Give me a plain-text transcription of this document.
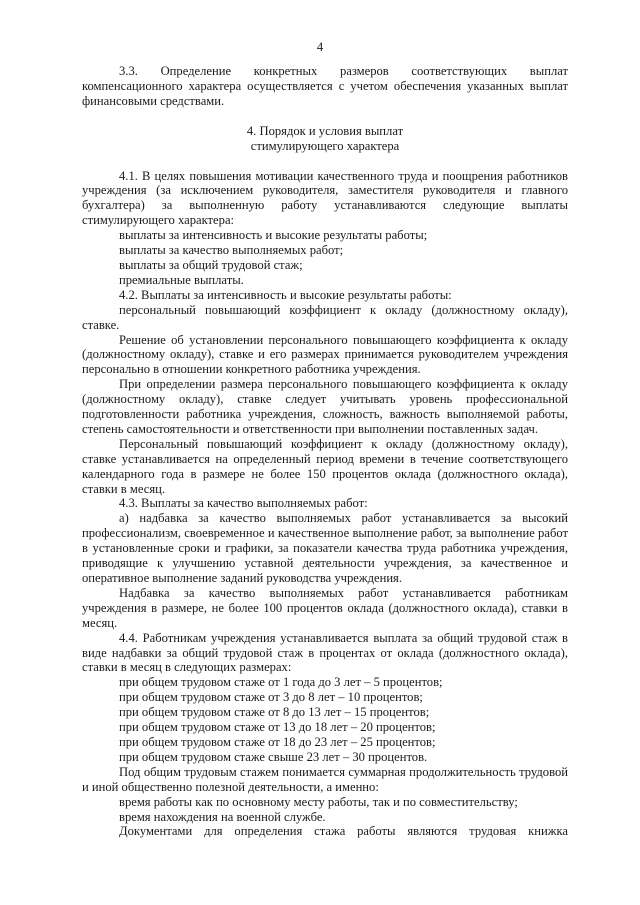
4

3.3. Определение конкретных размеров соответствующих выплат компенсационного характера осуществляется с учетом обеспечения указанных выплат финансовыми средствами.

4. Порядок и условия выплат

стимулирующего характера

4.1. В целях повышения мотивации качественного труда и поощрения работников учреждения (за исключением руководителя, заместителя руководителя и главного бухгалтера) за выполненную работу устанавливаются следующие выплаты стимулирующего характера:

выплаты за интенсивность и высокие результаты работы;

выплаты за качество выполняемых работ;

выплаты за общий трудовой стаж;

премиальные выплаты.

4.2. Выплаты за интенсивность и высокие результаты работы:

персональный повышающий коэффициент к окладу (должностному окладу), ставке.

Решение об установлении персонального повышающего коэффициента к окладу (должностному окладу), ставке и его размерах принимается руководителем учреждения персонально в отношении конкретного работника учреждения.

При определении размера персонального повышающего коэффициента к окладу (должностному окладу), ставке следует учитывать уровень профессиональной подготовленности работника учреждения, сложность, важность выполняемой работы, степень самостоятельности и ответственности при выполнении поставленных задач.

Персональный повышающий коэффициент к окладу (должностному окладу), ставке устанавливается на определенный период времени в течение соответствующего календарного года в размере не более 150 процентов оклада (должностного оклада), ставки в месяц.

4.3. Выплаты за качество выполняемых работ:

а) надбавка за качество выполняемых работ устанавливается за высокий профессионализм, своевременное и качественное выполнение работ, за выполнение работ в установленные сроки и графики, за показатели качества труда работника учреждения, приводящие к улучшению уставной деятельности учреждения, за качественное и оперативное выполнение заданий руководства учреждения.

Надбавка за качество выполняемых работ устанавливается работникам учреждения в размере, не более 100 процентов оклада (должностного оклада), ставки в месяц.

4.4. Работникам учреждения устанавливается выплата за общий трудовой стаж в виде надбавки за общий трудовой стаж в процентах от оклада (должностного оклада), ставки в месяц в следующих размерах:

при общем трудовом стаже от 1 года до 3 лет – 5 процентов;

при общем трудовом стаже от 3 до 8 лет – 10 процентов;

при общем трудовом стаже от 8 до 13 лет – 15 процентов;

при общем трудовом стаже от 13 до 18 лет – 20 процентов;

при общем трудовом стаже от 18 до 23 лет – 25 процентов;

при общем трудовом стаже свыше 23 лет – 30 процентов.

Под общим трудовым стажем понимается суммарная продолжительность трудовой и иной общественно полезной деятельности, а именно:

время работы как по основному месту работы, так и по совместительству;

время нахождения на военной службе.

Документами для определения стажа работы являются трудовая книжка
